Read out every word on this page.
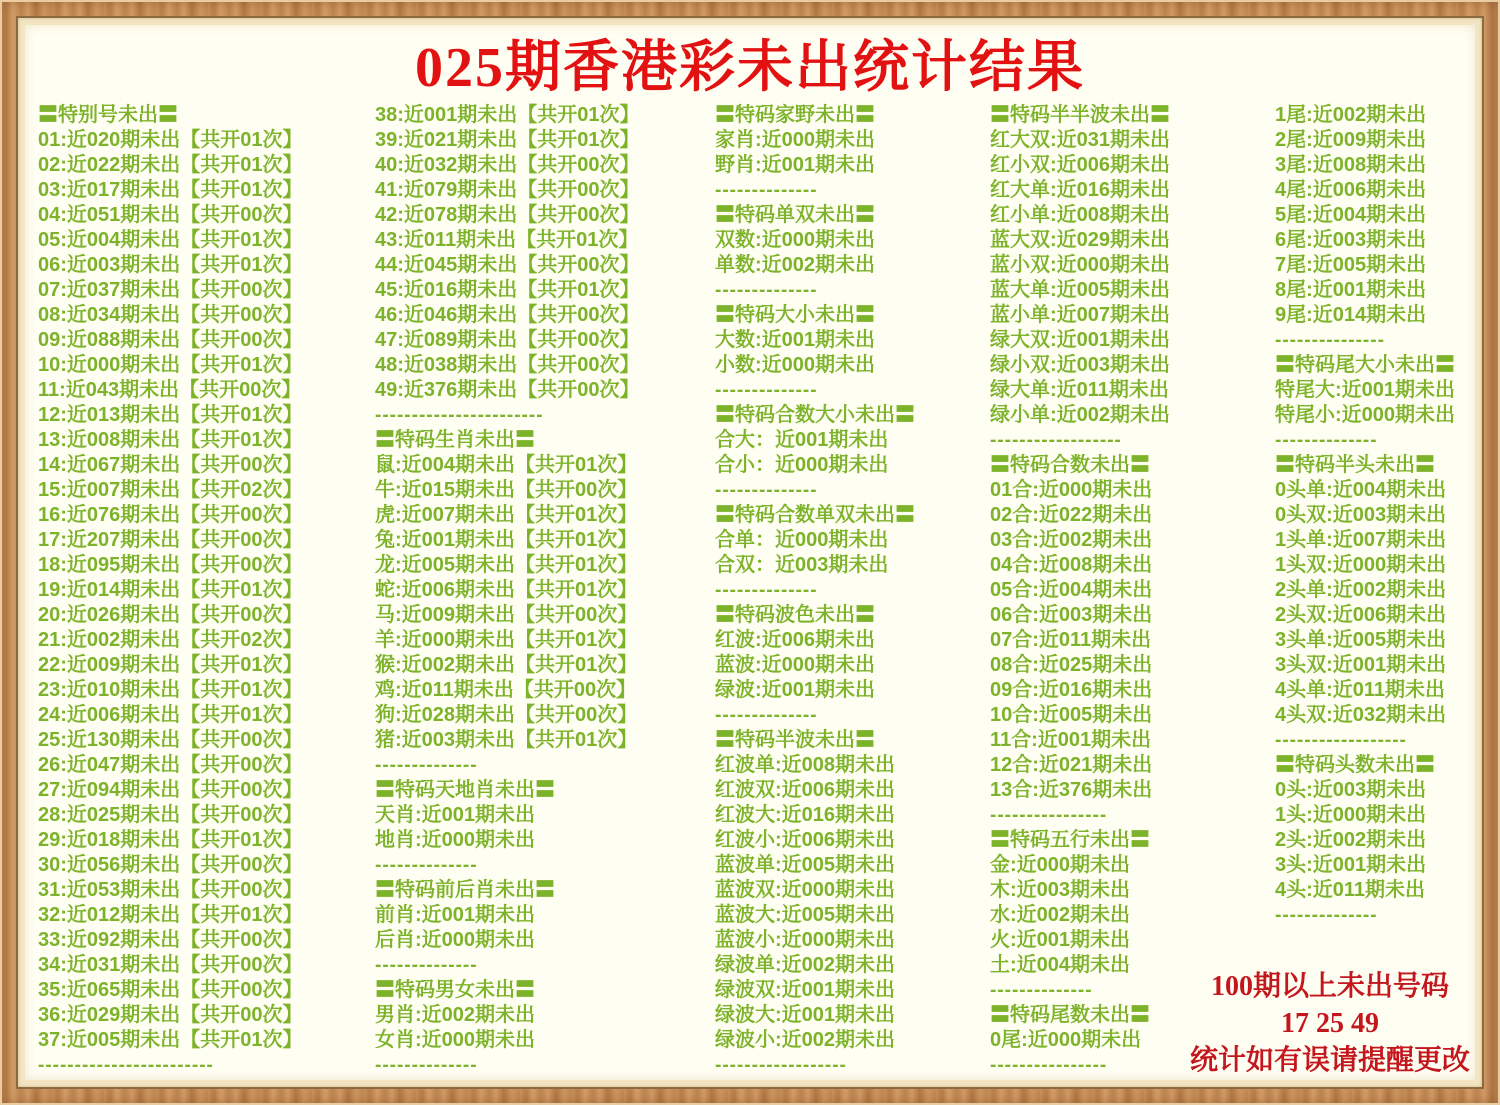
025期香港彩未出统计结果
〓特别号未出〓
01:近020期未出【共开01次】
02:近022期未出【共开01次】
03:近017期未出【共开01次】
04:近051期未出【共开00次】
05:近004期未出【共开01次】
06:近003期未出【共开01次】
07:近037期未出【共开00次】
08:近034期未出【共开00次】
09:近088期未出【共开00次】
10:近000期未出【共开01次】
11:近043期未出【共开00次】
12:近013期未出【共开01次】
13:近008期未出【共开01次】
14:近067期未出【共开00次】
15:近007期未出【共开02次】
16:近076期未出【共开00次】
17:近207期未出【共开00次】
18:近095期未出【共开00次】
19:近014期未出【共开01次】
20:近026期未出【共开00次】
21:近002期未出【共开02次】
22:近009期未出【共开01次】
23:近010期未出【共开01次】
24:近006期未出【共开01次】
25:近130期未出【共开00次】
26:近047期未出【共开00次】
27:近094期未出【共开00次】
28:近025期未出【共开00次】
29:近018期未出【共开01次】
30:近056期未出【共开00次】
31:近053期未出【共开00次】
32:近012期未出【共开01次】
33:近092期未出【共开00次】
34:近031期未出【共开00次】
35:近065期未出【共开00次】
36:近029期未出【共开00次】
37:近005期未出【共开01次】
------------------------
38:近001期未出【共开01次】
39:近021期未出【共开01次】
40:近032期未出【共开00次】
41:近079期未出【共开00次】
42:近078期未出【共开00次】
43:近011期未出【共开01次】
44:近045期未出【共开00次】
45:近016期未出【共开01次】
46:近046期未出【共开00次】
47:近089期未出【共开00次】
48:近038期未出【共开00次】
49:近376期未出【共开00次】
-----------------------
〓特码生肖未出〓
鼠:近004期未出【共开01次】
牛:近015期未出【共开00次】
虎:近007期未出【共开01次】
兔:近001期未出【共开01次】
龙:近005期未出【共开01次】
蛇:近006期未出【共开01次】
马:近009期未出【共开00次】
羊:近000期未出【共开01次】
猴:近002期未出【共开01次】
鸡:近011期未出【共开00次】
狗:近028期未出【共开00次】
猪:近003期未出【共开01次】
--------------
〓特码天地肖未出〓
天肖:近001期未出
地肖:近000期未出
--------------
〓特码前后肖未出〓
前肖:近001期未出
后肖:近000期未出
--------------
〓特码男女未出〓
男肖:近002期未出
女肖:近000期未出
--------------
〓特码家野未出〓
家肖:近000期未出
野肖:近001期未出
--------------
〓特码单双未出〓
双数:近000期未出
单数:近002期未出
--------------
〓特码大小未出〓
大数:近001期未出
小数:近000期未出
--------------
〓特码合数大小未出〓
合大：近001期未出
合小：近000期未出
--------------
〓特码合数单双未出〓
合单：近000期未出
合双：近003期未出
--------------
〓特码波色未出〓
红波:近006期未出
蓝波:近000期未出
绿波:近001期未出
--------------
〓特码半波未出〓
红波单:近008期未出
红波双:近006期未出
红波大:近016期未出
红波小:近006期未出
蓝波单:近005期未出
蓝波双:近000期未出
蓝波大:近005期未出
蓝波小:近000期未出
绿波单:近002期未出
绿波双:近001期未出
绿波大:近001期未出
绿波小:近002期未出
------------------
〓特码半半波未出〓
红大双:近031期未出
红小双:近006期未出
红大单:近016期未出
红小单:近008期未出
蓝大双:近029期未出
蓝小双:近000期未出
蓝大单:近005期未出
蓝小单:近007期未出
绿大双:近001期未出
绿小双:近003期未出
绿大单:近011期未出
绿小单:近002期未出
------------------
〓特码合数未出〓
01合:近000期未出
02合:近022期未出
03合:近002期未出
04合:近008期未出
05合:近004期未出
06合:近003期未出
07合:近011期未出
08合:近025期未出
09合:近016期未出
10合:近005期未出
11合:近001期未出
12合:近021期未出
13合:近376期未出
----------------
〓特码五行未出〓
金:近000期未出
木:近003期未出
水:近002期未出
火:近001期未出
土:近004期未出
--------------
〓特码尾数未出〓
0尾:近000期未出
----------------
1尾:近002期未出
2尾:近009期未出
3尾:近008期未出
4尾:近006期未出
5尾:近004期未出
6尾:近003期未出
7尾:近005期未出
8尾:近001期未出
9尾:近014期未出
---------------
〓特码尾大小未出〓
特尾大:近001期未出
特尾小:近000期未出
--------------
〓特码半头未出〓
0头单:近004期未出
0头双:近003期未出
1头单:近007期未出
1头双:近000期未出
2头单:近002期未出
2头双:近006期未出
3头单:近005期未出
3头双:近001期未出
4头单:近011期未出
4头双:近032期未出
------------------
〓特码头数未出〓
0头:近003期未出
1头:近000期未出
2头:近002期未出
3头:近001期未出
4头:近011期未出
--------------
100期以上未出号码
17 25 49
统计如有误请提醒更改
